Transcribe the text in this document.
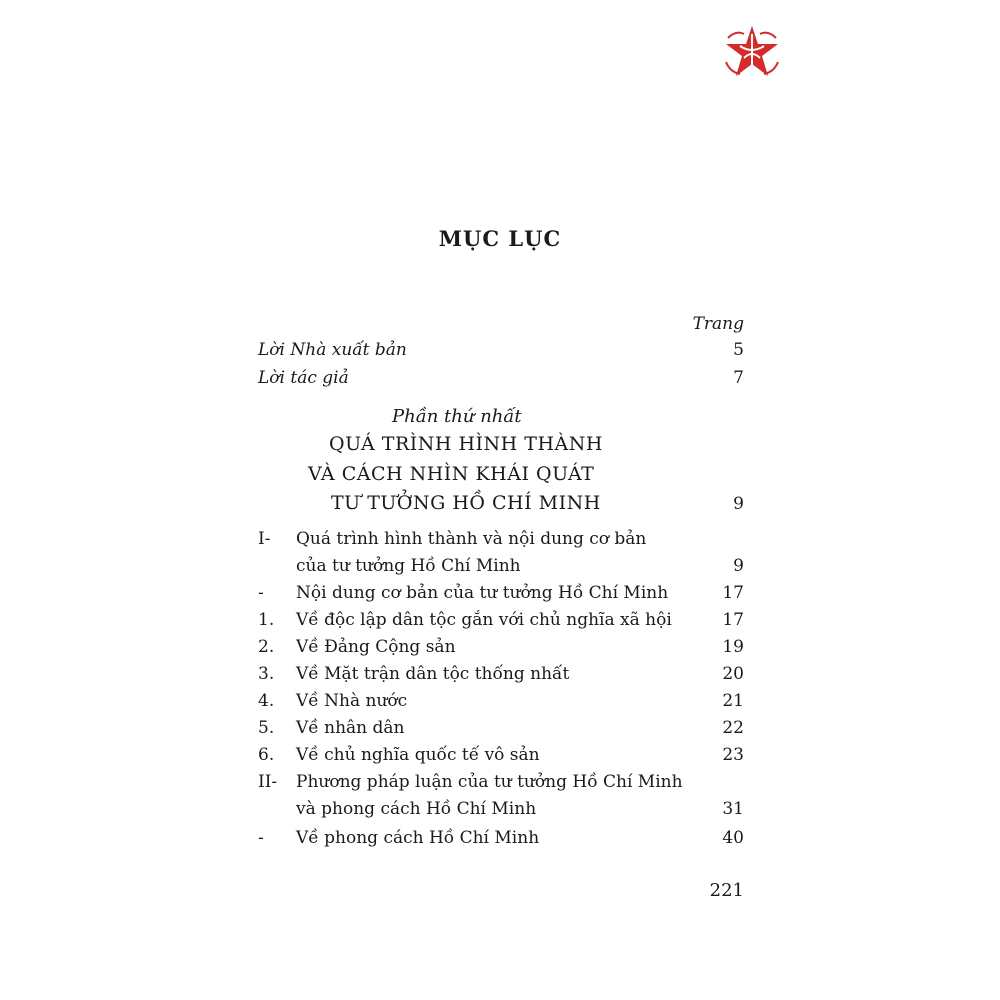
MỤC LỤC
Trang
Lời Nhà xuất bản	5
Lời tác giả	7
Phần thứ nhất
QUÁ TRÌNH HÌNH THÀNH
VÀ CÁCH NHÌN KHÁI QUÁT
TƯ TƯỞNG HỒ CHÍ MINH	9
I- Quá trình hình thành và nội dung cơ bản
của tư tưởng Hồ Chí Minh	9
- Nội dung cơ bản của tư tưởng Hồ Chí Minh	17
1. Về độc lập dân tộc gắn với chủ nghĩa xã hội	17
2. Về Đảng Cộng sản	19
3. Về Mặt trận dân tộc thống nhất	20
4. Về Nhà nước	21
5. Về nhân dân	22
6. Về chủ nghĩa quốc tế vô sản	23
II- Phương pháp luận của tư tưởng Hồ Chí Minh
và phong cách Hồ Chí Minh	31
- Về phong cách Hồ Chí Minh	40
221
